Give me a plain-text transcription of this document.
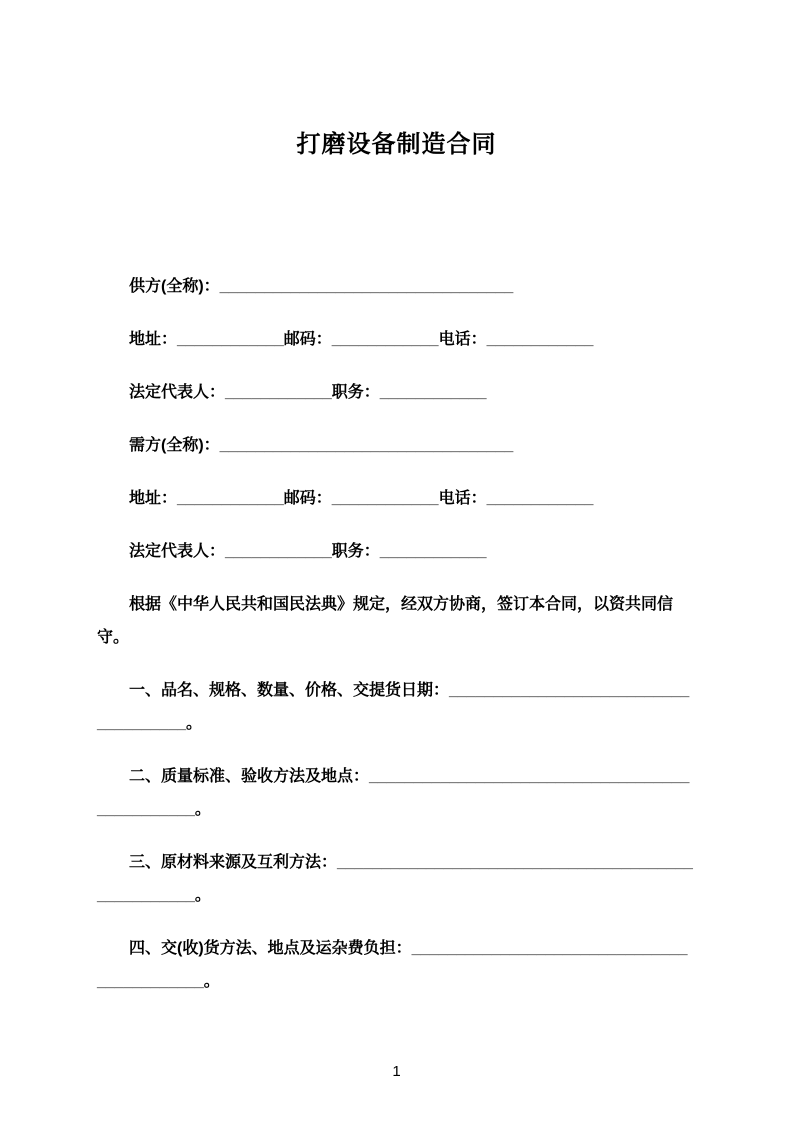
打磨设备制造合同

供方(全称)：_________________________________

地址：____________邮码：____________电话：____________

法定代表人：____________职务：____________

需方(全称)：_________________________________

地址：____________邮码：____________电话：____________

法定代表人：____________职务：____________

根据《中华人民共和国民法典》规定，经双方协商，签订本合同，以资共同信守。

一、品名、规格、数量、价格、交提货日期：_____________________________________。

二、质量标准、验收方法及地点：_______________________________________________。

三、原材料来源及互利方法：___________________________________________________。

四、交(收)货方法、地点及运杂费负担：___________________________________________。

1
